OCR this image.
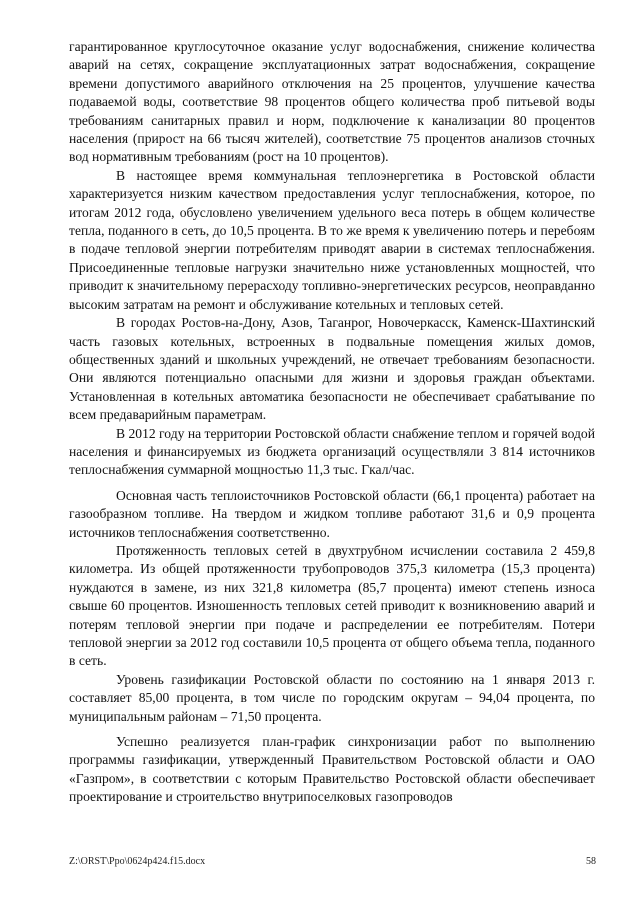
гарантированное круглосуточное оказание услуг водоснабжения, снижение количества аварий на сетях, сокращение эксплуатационных затрат водоснабжения, сокращение времени допустимого аварийного отключения на 25 процентов, улучшение качества подаваемой воды, соответствие 98 процентов общего количества проб питьевой воды требованиям санитарных правил и норм, подключение к канализации 80 процентов населения (прирост на 66 тысяч жителей), соответствие 75 процентов анализов сточных вод нормативным требованиям (рост на 10 процентов).

В настоящее время коммунальная теплоэнергетика в Ростовской области характеризуется низким качеством предоставления услуг теплоснабжения, которое, по итогам 2012 года, обусловлено увеличением удельного веса потерь в общем количестве тепла, поданного в сеть, до 10,5 процента. В то же время к увеличению потерь и перебоям в подачe тепловой энергии потребителям приводят аварии в системах теплоснабжения. Присоединенные тепловые нагрузки значительно ниже установленных мощностей, что приводит к значительному перерасходу топливно-энергетических ресурсов, неоправданно высоким затратам на ремонт и обслуживание котельных и тепловых сетей.

В городах Ростов-на-Дону, Азов, Таганрог, Новочеркасск, Каменск-Шахтинский часть газовых котельных, встроенных в подвальные помещения жилых домов, общественных зданий и школьных учреждений, не отвечает требованиям безопасности. Они являются потенциально опасными для жизни и здоровья граждан объектами. Установленная в котельных автоматика безопасности не обеспечивает срабатывание по всем предаварийным параметрам.

В 2012 году на территории Ростовской области снабжение теплом и горячей водой населения и финансируемых из бюджета организаций осуществляли 3 814 источников теплоснабжения суммарной мощностью 11,3 тыс. Гкал/час.

Основная часть теплоисточников Ростовской области (66,1 процента) работает на газообразном топливе. На твердом и жидком топливе работают 31,6 и 0,9 процента источников теплоснабжения соответственно.

Протяженность тепловых сетей в двухтрубном исчислении составила 2 459,8 километра. Из общей протяженности трубопроводов 375,3 километра (15,3 процента) нуждаются в замене, из них 321,8 километра (85,7 процента) имеют степень износа свыше 60 процентов. Изношенность тепловых сетей приводит к возникновению аварий и потерям тепловой энергии при подаче и распределении ее потребителям. Потери тепловой энергии за 2012 год составили 10,5 процента от общего объема тепла, поданного в сеть.

Уровень газификации Ростовской области по состоянию на 1 января 2013 г. составляет 85,00 процента, в том числе по городским округам – 94,04 процента, по муниципальным районам – 71,50 процента.

Успешно реализуется план-график синхронизации работ по выполнению программы газификации, утвержденный Правительством Ростовской области и ОАО «Газпром», в соответствии с которым Правительство Ростовской области обеспечивает проектирование и строительство внутрипоселковых газопроводов

Z:\ORST\Ppo\0624p424.f15.docx	58
